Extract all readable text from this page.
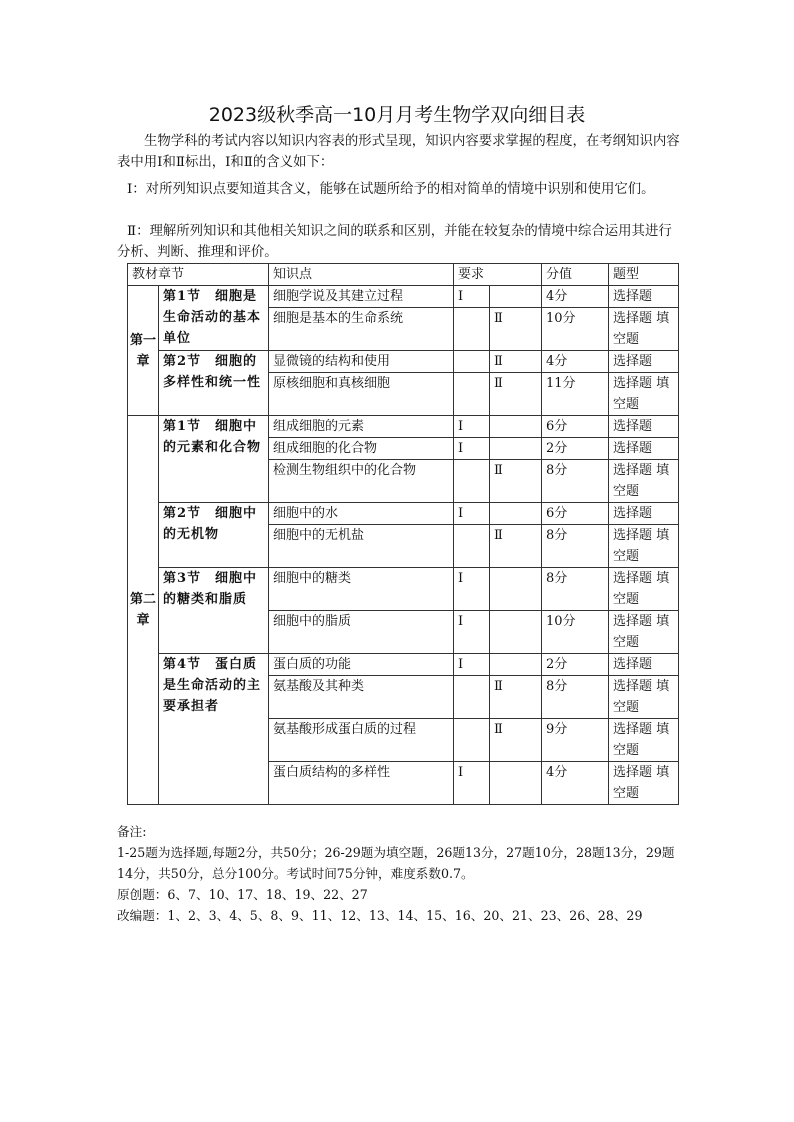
2023级秋季高一10月月考生物学双向细目表

生物学科的考试内容以知识内容表的形式呈现，知识内容要求掌握的程度，在考纲知识内容表中用Ⅰ和Ⅱ标出，Ⅰ和Ⅱ的含义如下：

Ⅰ：对所列知识点要知道其含义，能够在试题所给予的相对简单的情境中识别和使用它们。

Ⅱ：理解所列知识和其他相关知识之间的联系和区别，并能在较复杂的情境中综合运用其进行分析、判断、推理和评价。

教材章节		知识点	要求		分值	题型
第一章	第1节　细胞是生命活动的基本单位	细胞学说及其建立过程	Ⅰ		4分	选择题
		细胞是基本的生命系统		Ⅱ	10分	选择题 填空题

	第2节　细胞的多样性和统一性	显微镜的结构和使用		Ⅱ	4分	选择题
		原核细胞和真核细胞		Ⅱ	11分	选择题 填空题

第二章	第1节　细胞中的元素和化合物	组成细胞的元素	Ⅰ		6分	选择题
		组成细胞的化合物	Ⅰ		2分	选择题
		检测生物组织中的化合物		Ⅱ	8分	选择题 填空题

	第2节　细胞中的无机物	细胞中的水	Ⅰ		6分	选择题
		细胞中的无机盐		Ⅱ	8分	选择题 填空题

	第3节　细胞中的糖类和脂质	细胞中的糖类	Ⅰ		8分	选择题 填空题

		细胞中的脂质	Ⅰ		10分	选择题 填空题

	第4节　蛋白质是生命活动的主要承担者	蛋白质的功能	Ⅰ		2分	选择题
		氨基酸及其种类		Ⅱ	8分	选择题 填空题

		氨基酸形成蛋白质的过程		Ⅱ	9分	选择题 填空题

		蛋白质结构的多样性	Ⅰ		4分	选择题 填空题

备注:

1-25题为选择题,每题2分，共50分；26-29题为填空题，26题13分，27题10分，28题13分，29题14分，共50分，总分100分。考试时间75分钟，难度系数0.7。

原创题：6、7、10、17、18、19、22、27

改编题：1、2、3、4、5、8、9、11、12、13、14、15、16、20、21、23、26、28、29
